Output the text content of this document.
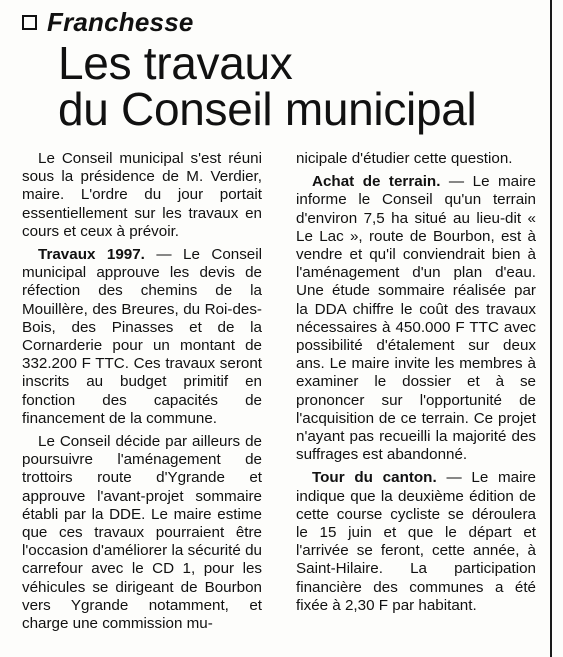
Franchesse
Les travaux
du Conseil municipal

Le Conseil municipal s'est réuni sous la présidence de M. Verdier, maire. L'ordre du jour portait essentiellement sur les travaux en cours et ceux à prévoir.

Travaux 1997. — Le Conseil municipal approuve les devis de réfection des chemins de la Mouillère, des Breures, du Roi-des-Bois, des Pinasses et de la Cornarderie pour un montant de 332.200 F TTC. Ces travaux seront inscrits au budget primitif en fonction des capacités de financement de la commune.

Le Conseil décide par ailleurs de poursuivre l'aménagement de trottoirs route d'Ygrande et approuve l'avant-projet sommaire établi par la DDE. Le maire estime que ces travaux pourraient être l'occasion d'améliorer la sécurité du carrefour avec le CD 1, pour les véhicules se dirigeant de Bourbon vers Ygrande notamment, et charge une commission mu-

nicipale d'étudier cette question.

Achat de terrain. — Le maire informe le Conseil qu'un terrain d'environ 7,5 ha situé au lieu-dit « Le Lac », route de Bourbon, est à vendre et qu'il conviendrait bien à l'aménagement d'un plan d'eau. Une étude sommaire réalisée par la DDA chiffre le coût des travaux nécessaires à 450.000 F TTC avec possibilité d'étalement sur deux ans. Le maire invite les membres à examiner le dossier et à se prononcer sur l'opportunité de l'acquisition de ce terrain. Ce projet n'ayant pas recueilli la majorité des suffrages est abandonné.

Tour du canton. — Le maire indique que la deuxième édition de cette course cycliste se déroulera le 15 juin et que le départ et l'arrivée se feront, cette année, à Saint-Hilaire. La participation financière des communes a été fixée à 2,30 F par habitant.
